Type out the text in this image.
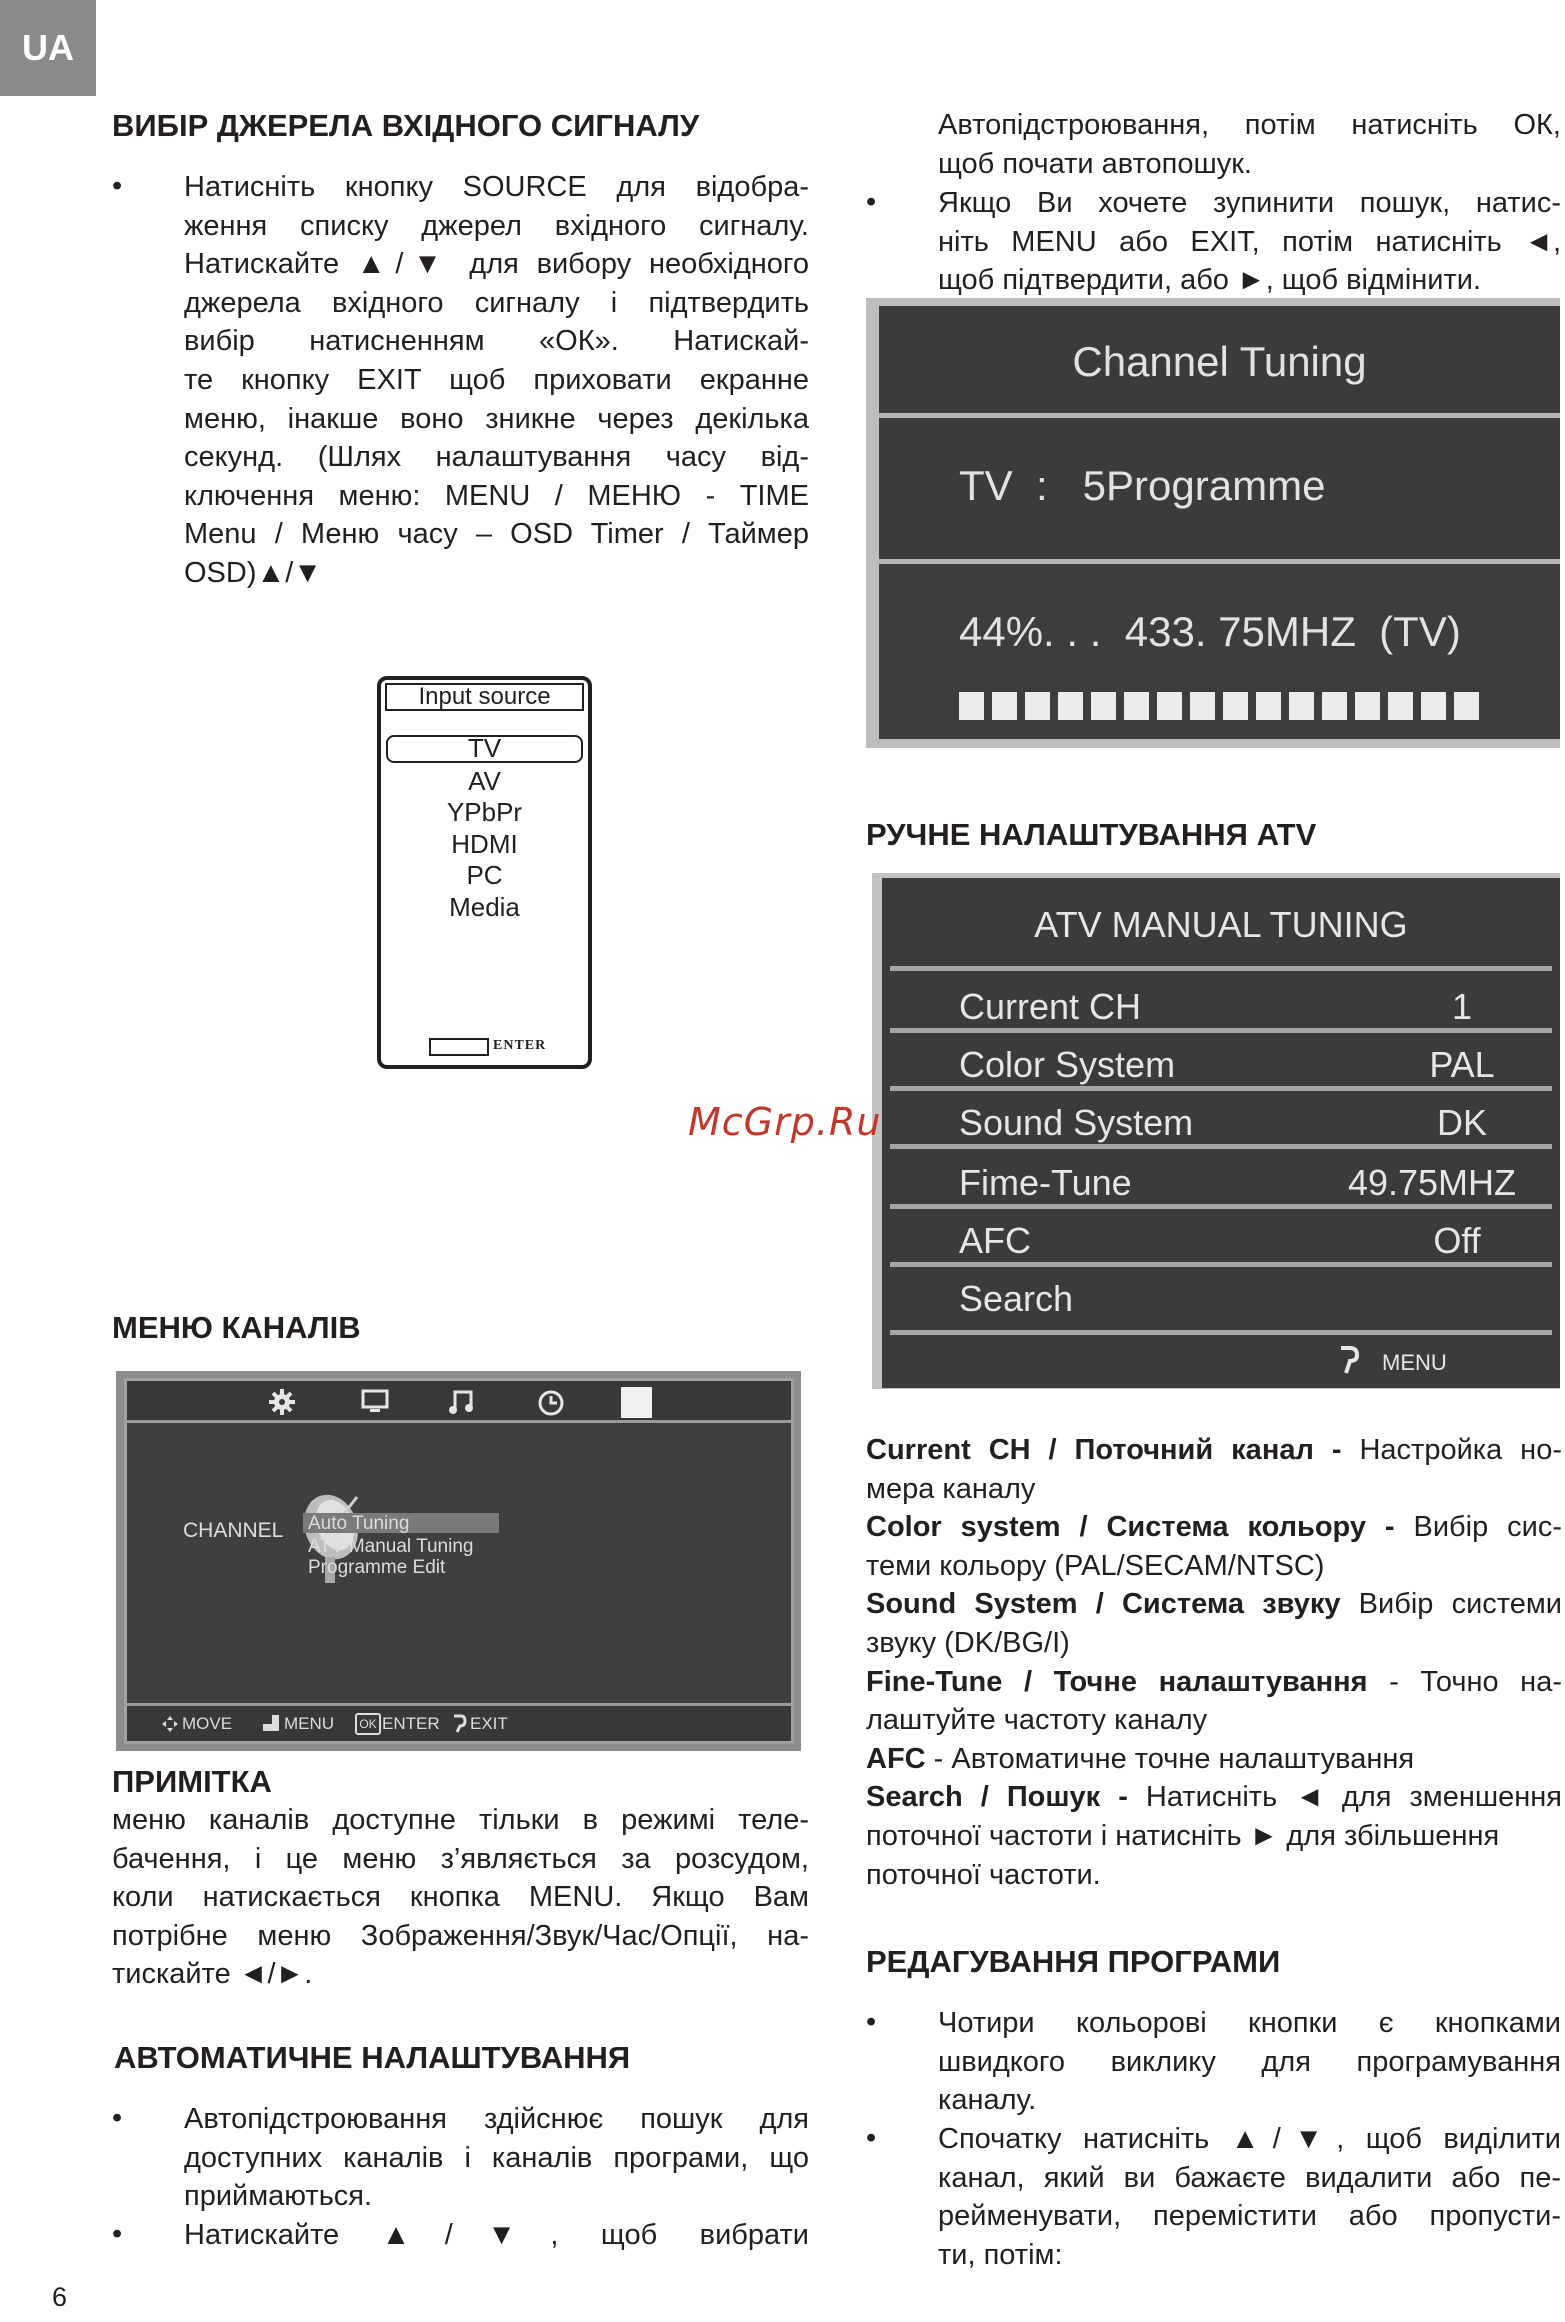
UA
ВИБІР ДЖЕРЕЛА ВХІДНОГО СИГНАЛУ
• Натисніть кнопку SOURCE для відобра-
ження списку джерел вхідного сигналу.
Натискайте ▲/▼ для вибору необхідного
джерела вхідного сигналу і підтвердить
вибір натисненням «ОК». Натискай-
те кнопку EXIT щоб приховати екранне
меню, інакше воно зникне через декілька
секунд. (Шлях налаштування часу від-
ключення меню: MENU / МЕНЮ - TIME
Menu / Меню часу – OSD Timer / Таймер
OSD)▲/▼
Input source
TV
AV
YPbPr
HDMI
PC
Media
ENTER
МЕНЮ КАНАЛІВ
CHANNEL Auto Tuning
ATV Manual Tuning
Programme Edit
MOVE	MENU	OK ENTER EXIT
ПРИМІТКА
меню каналів доступне тільки в режимі теле-
бачення, і це меню з’являється за розсудом,
коли натискається кнопка MENU. Якщо Вам
потрібне меню Зображення/Звук/Час/Опції, на-
тискайте ◄/►.
АВТОМАТИЧНЕ НАЛАШТУВАННЯ
• Автопідстроювання здійснює пошук для
доступних каналів і каналів програми, що
приймаються.
• Натискайте ▲/▼, щоб вибрати
6
Автопідстроювання, потім натисніть ОК,
щоб почати автопошук.
• Якщо Ви хочете зупинити пошук, натис-
ніть MENU або EXIT, потім натисніть ◄,
щоб підтвердити, або ►, щоб відмінити.
Channel Tuning
TV  :   5Programme
44%. . .  433. 75MHZ  (TV)
РУЧНЕ НАЛАШТУВАННЯ ATV
ATV MANUAL TUNING
Current CH	1
Color System	PAL
Sound System	DK
Fime-Tune	49.75MHZ
AFC	Off
Search
MENU
Current CH / Поточний канал - Настройка но-
мера каналу
Color system / Система кольору - Вибір сис-
теми кольору (PAL/SECAM/NTSC)
Sound System / Система звуку Вибір системи
звуку (DK/BG/I)
Fine-Tune / Точне налаштування - Точно на-
лаштуйте частоту каналу
AFC - Автоматичне точне налаштування
Search / Пошук - Натисніть ◄ для зменшення
поточної частоти і натисніть ► для збільшення
поточної частоти.
РЕДАГУВАННЯ ПРОГРАМИ
• Чотири кольорові кнопки є кнопками
швидкого виклику для програмування
каналу.
• Спочатку натисніть ▲/▼, щоб виділити
канал, який ви бажаєте видалити або пе-
рейменувати, перемістити або пропусти-
ти, потім:
McGrp.Ru
